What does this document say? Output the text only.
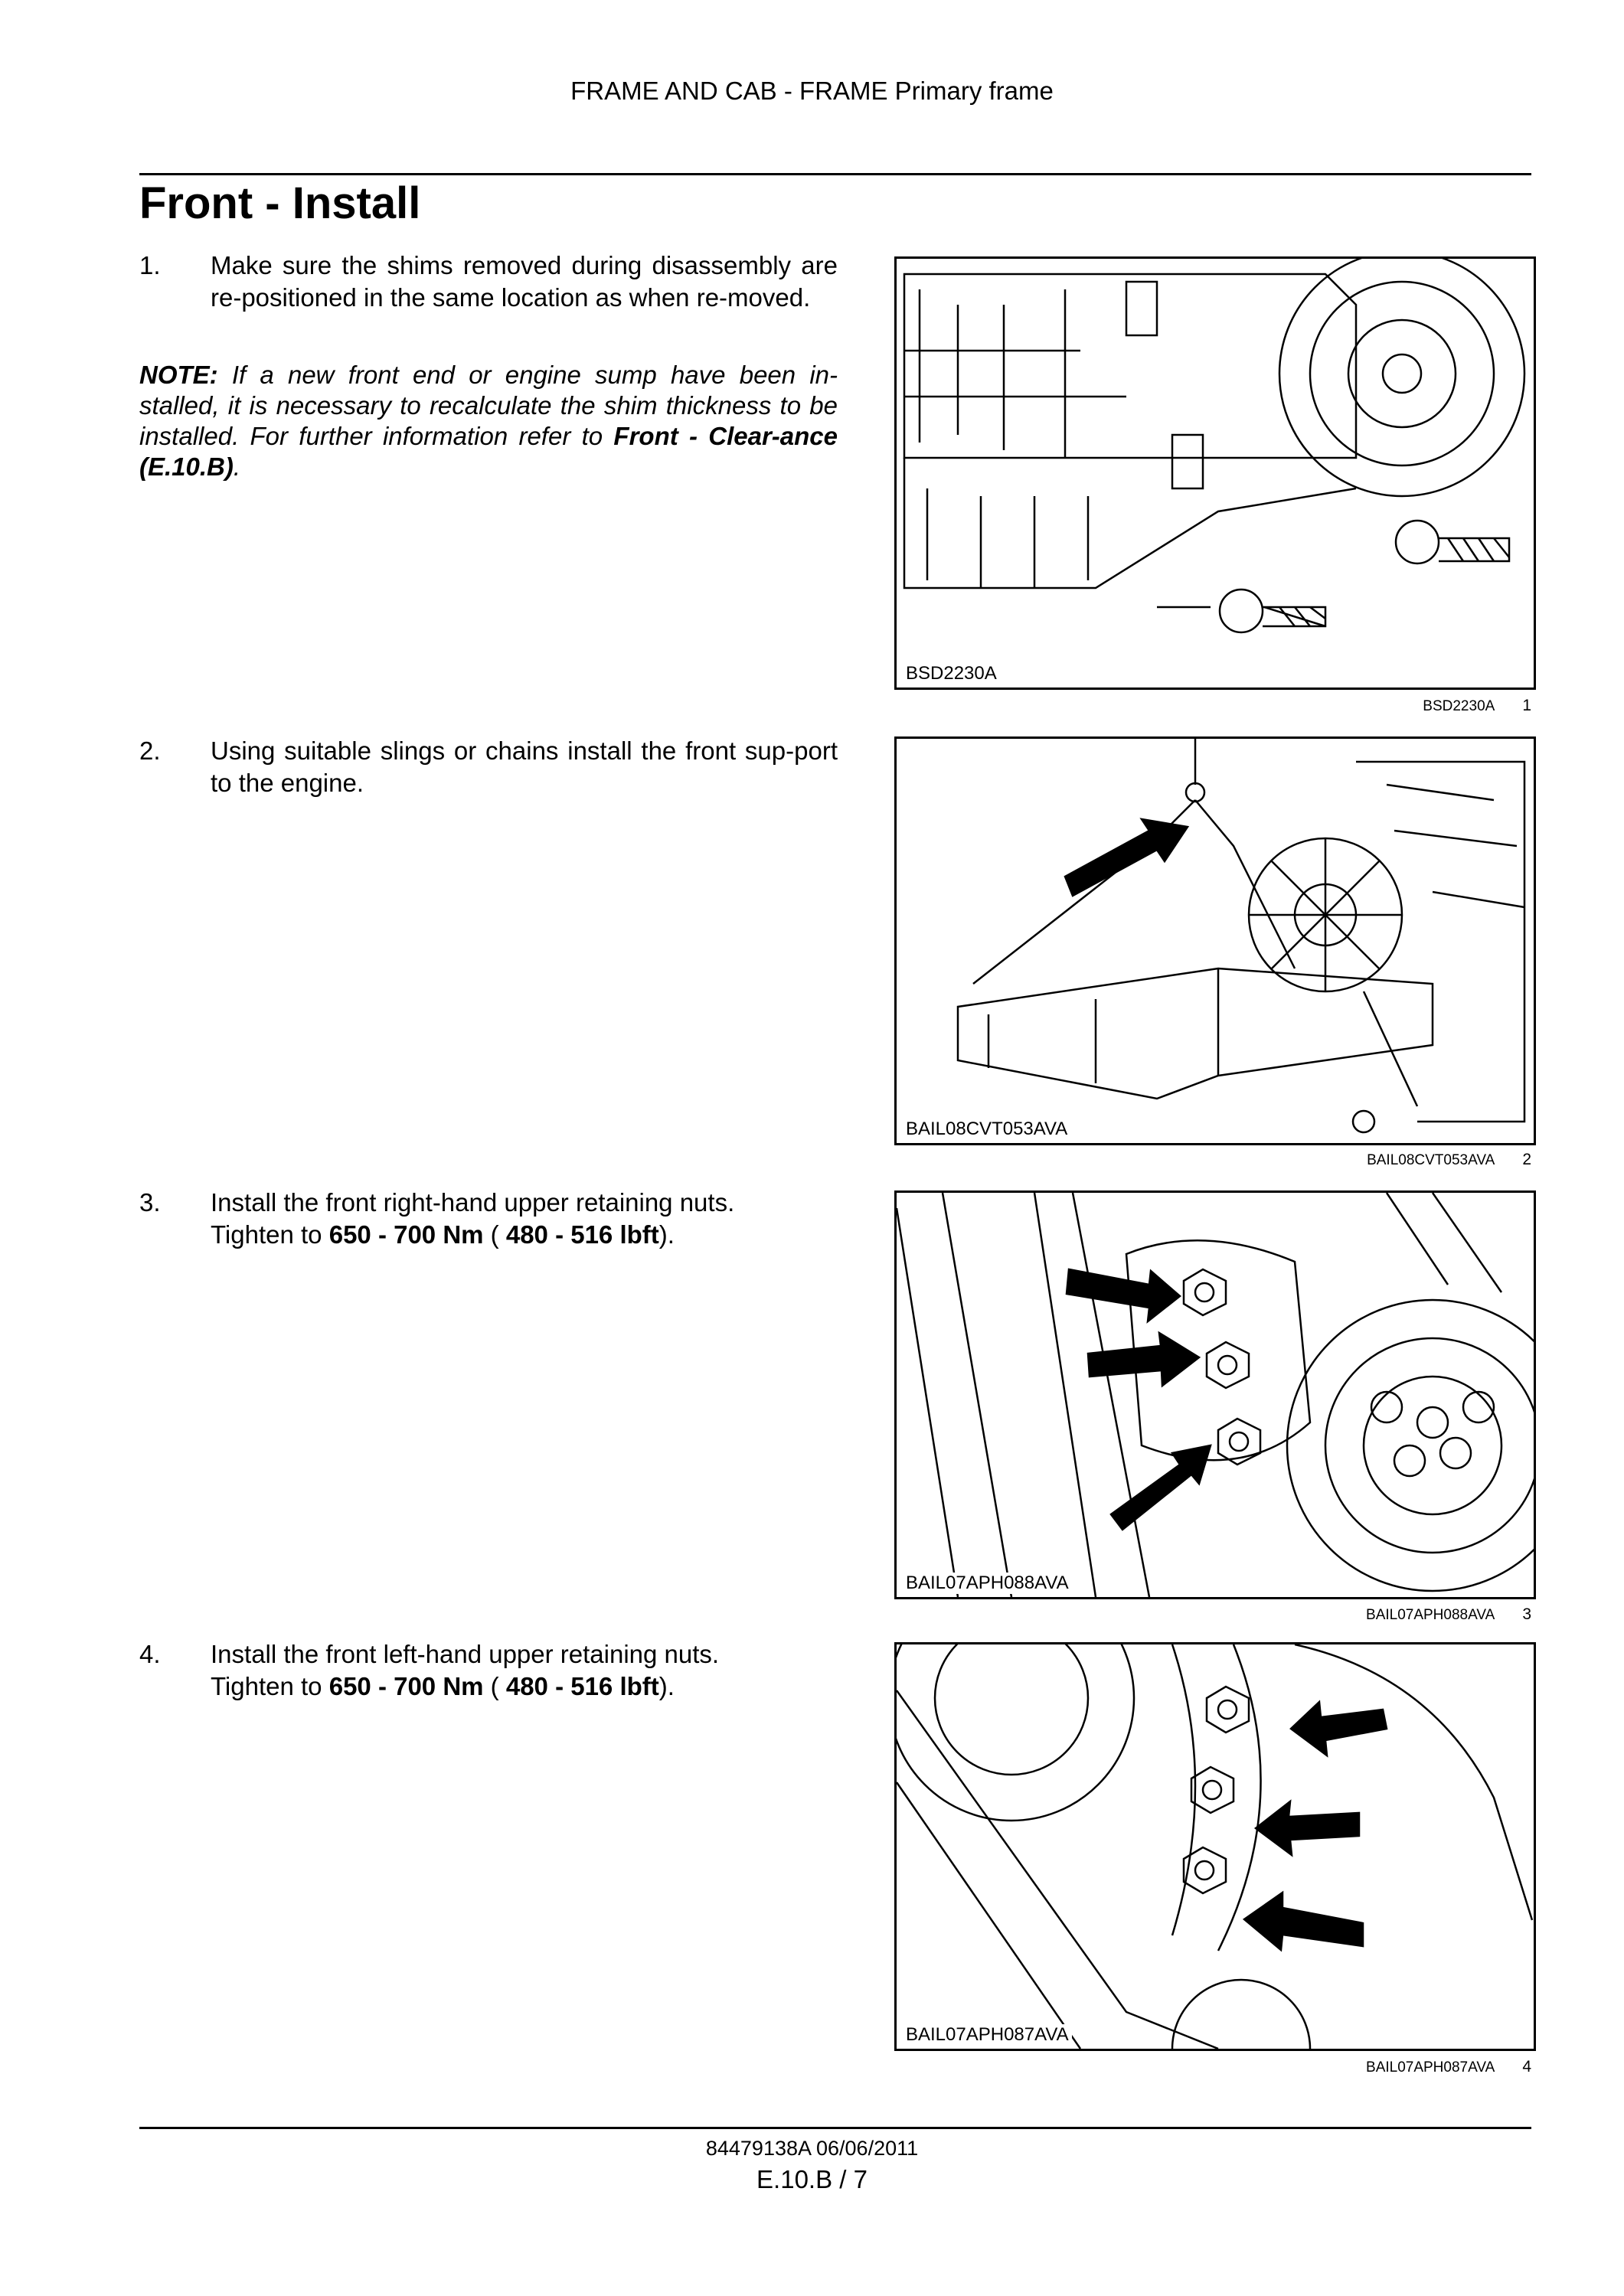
FRAME AND CAB - FRAME Primary frame
Front - Install
1. Make sure the shims removed during disassembly are re-positioned in the same location as when re-moved.
NOTE: If a new front end or engine sump have been in-stalled, it is necessary to recalculate the shim thickness to be installed. For further information refer to Front - Clear-ance (E.10.B).
2. Using suitable slings or chains install the front sup-port to the engine.
3. Install the front right-hand upper retaining nuts.
Tighten to 650 - 700 Nm ( 480 - 516 lbft).
4. Install the front left-hand upper retaining nuts.
Tighten to 650 - 700 Nm ( 480 - 516 lbft).
BSD2230A
BSD2230A 1
BAIL08CVT053AVA
BAIL08CVT053AVA 2
BAIL07APH088AVA
BAIL07APH088AVA 3
BAIL07APH087AVA
BAIL07APH087AVA 4
84479138A 06/06/2011
E.10.B / 7
